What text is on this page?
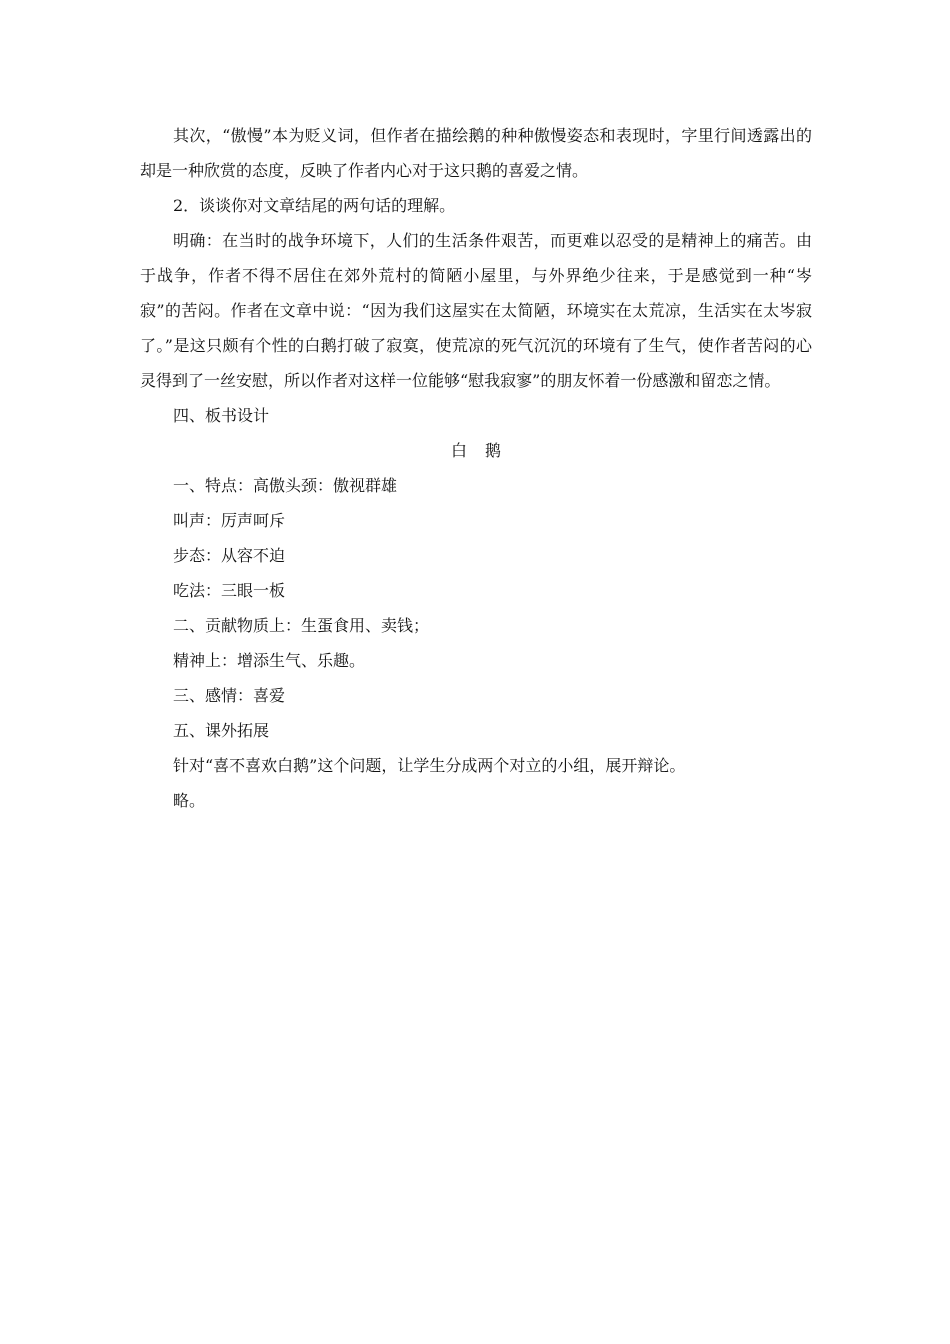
其次，“傲慢”本为贬义词，但作者在描绘鹅的种种傲慢姿态和表现时，字里行间透露出的却是一种欣赏的态度，反映了作者内心对于这只鹅的喜爱之情。

2．谈谈你对文章结尾的两句话的理解。

明确：在当时的战争环境下，人们的生活条件艰苦，而更难以忍受的是精神上的痛苦。由于战争，作者不得不居住在郊外荒村的简陋小屋里，与外界绝少往来，于是感觉到一种“岑寂”的苦闷。作者在文章中说：“因为我们这屋实在太简陋，环境实在太荒凉，生活实在太岑寂了。”是这只颇有个性的白鹅打破了寂寞，使荒凉的死气沉沉的环境有了生气，使作者苦闷的心灵得到了一丝安慰，所以作者对这样一位能够“慰我寂寥”的朋友怀着一份感激和留恋之情。

四、板书设计

白鹅

一、特点：高傲头颈：傲视群雄

叫声：厉声呵斥

步态：从容不迫

吃法：三眼一板

二、贡献物质上：生蛋食用、卖钱；

精神上：增添生气、乐趣。

三、感情：喜爱

五、课外拓展

针对“喜不喜欢白鹅”这个问题，让学生分成两个对立的小组，展开辩论。

略。
